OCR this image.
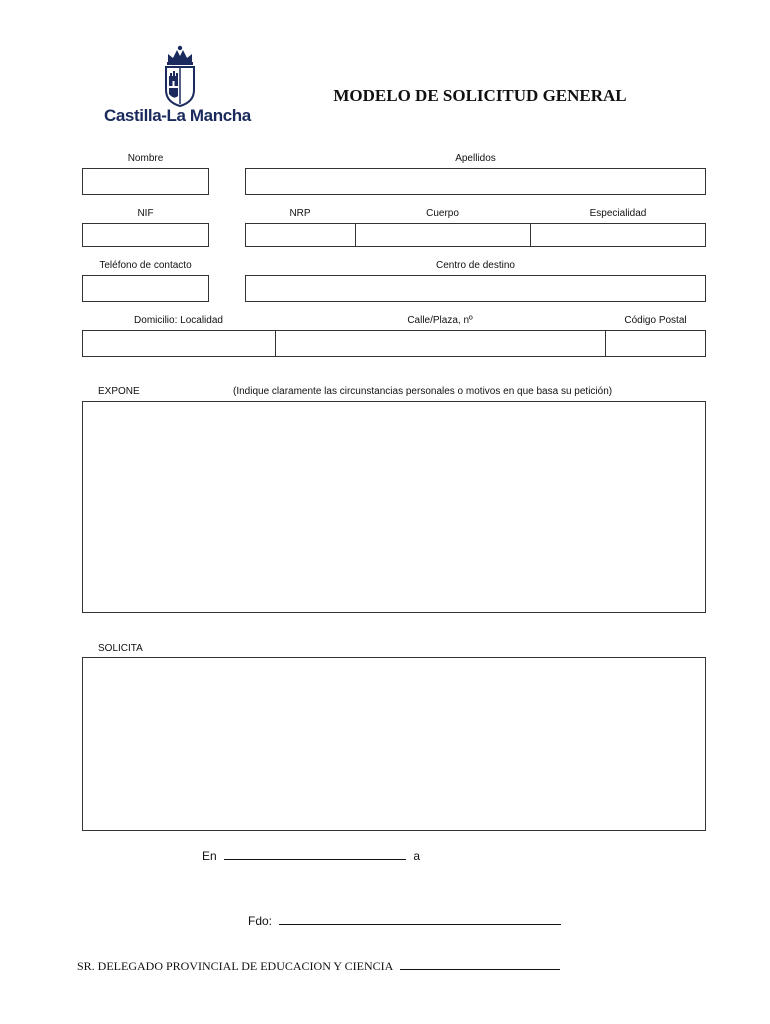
Castilla-La Mancha
MODELO DE SOLICITUD GENERAL
Nombre	Apellidos
NIF	NRP	Cuerpo	Especialidad
Teléfono de contacto	Centro de destino
Domicilio: Localidad	Calle/Plaza, nº	Código Postal
EXPONE	(Indique claramente las circunstancias personales o motivos en que basa su petición)
SOLICITA
En	a
Fdo:
SR. DELEGADO PROVINCIAL DE EDUCACION Y CIENCIA
